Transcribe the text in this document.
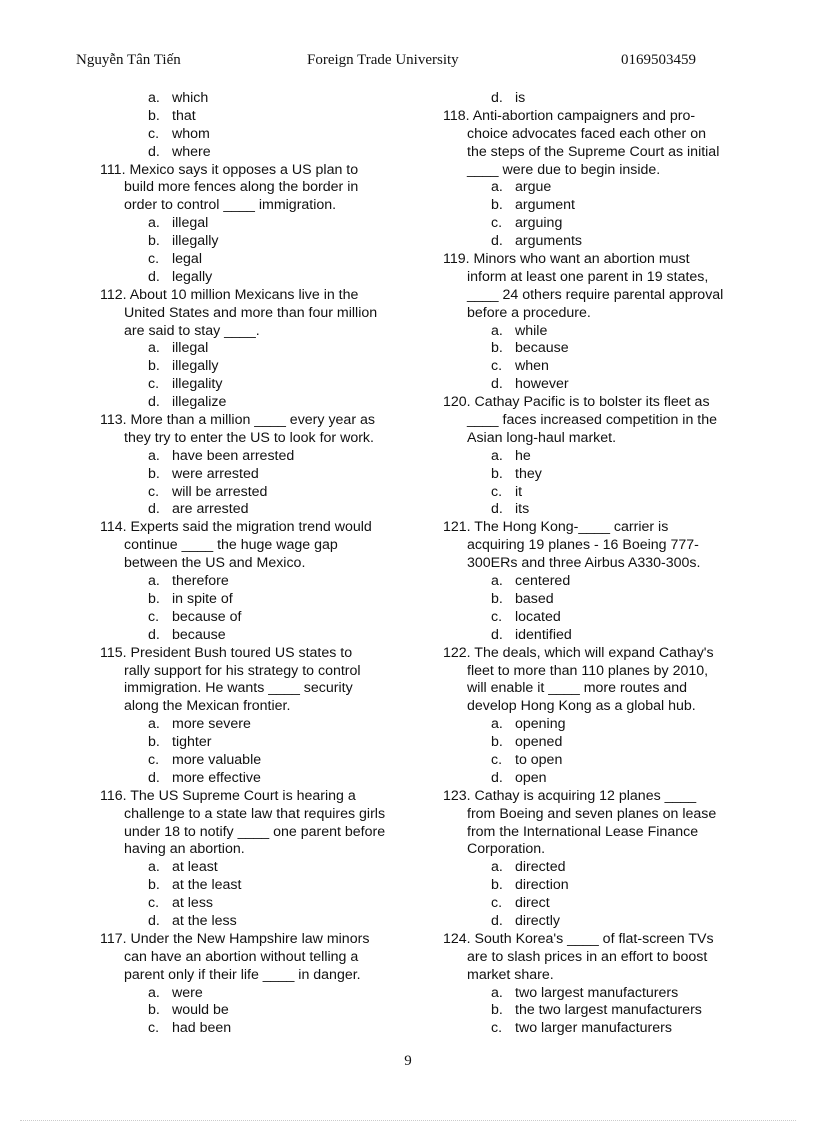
Nguyễn Tân Tiến	Foreign Trade University	0169503459
a. which
b. that
c. whom
d. where
111. Mexico says it opposes a US plan to
build more fences along the border in
order to control ____ immigration.
a. illegal
b. illegally
c. legal
d. legally
112. About 10 million Mexicans live in the
United States and more than four million
are said to stay ____.
a. illegal
b. illegally
c. illegality
d. illegalize
113. More than a million ____ every year as
they try to enter the US to look for work.
a. have been arrested
b. were arrested
c. will be arrested
d. are arrested
114. Experts said the migration trend would
continue ____ the huge wage gap
between the US and Mexico.
a. therefore
b. in spite of
c. because of
d. because
115. President Bush toured US states to
rally support for his strategy to control
immigration. He wants ____ security
along the Mexican frontier.
a. more severe
b. tighter
c. more valuable
d. more effective
116. The US Supreme Court is hearing a
challenge to a state law that requires girls
under 18 to notify ____ one parent before
having an abortion.
a. at least
b. at the least
c. at less
d. at the less
117. Under the New Hampshire law minors
can have an abortion without telling a
parent only if their life ____ in danger.
a. were
b. would be
c. had been
d. is
118. Anti-abortion campaigners and pro-
choice advocates faced each other on
the steps of the Supreme Court as initial
____ were due to begin inside.
a. argue
b. argument
c. arguing
d. arguments
119. Minors who want an abortion must
inform at least one parent in 19 states,
____ 24 others require parental approval
before a procedure.
a. while
b. because
c. when
d. however
120. Cathay Pacific is to bolster its fleet as
____ faces increased competition in the
Asian long-haul market.
a. he
b. they
c. it
d. its
121. The Hong Kong-____ carrier is
acquiring 19 planes - 16 Boeing 777-
300ERs and three Airbus A330-300s.
a. centered
b. based
c. located
d. identified
122. The deals, which will expand Cathay's
fleet to more than 110 planes by 2010,
will enable it ____ more routes and
develop Hong Kong as a global hub.
a. opening
b. opened
c. to open
d. open
123. Cathay is acquiring 12 planes ____
from Boeing and seven planes on lease
from the International Lease Finance
Corporation.
a. directed
b. direction
c. direct
d. directly
124. South Korea's ____ of flat-screen TVs
are to slash prices in an effort to boost
market share.
a. two largest manufacturers
b. the two largest manufacturers
c. two larger manufacturers
9
